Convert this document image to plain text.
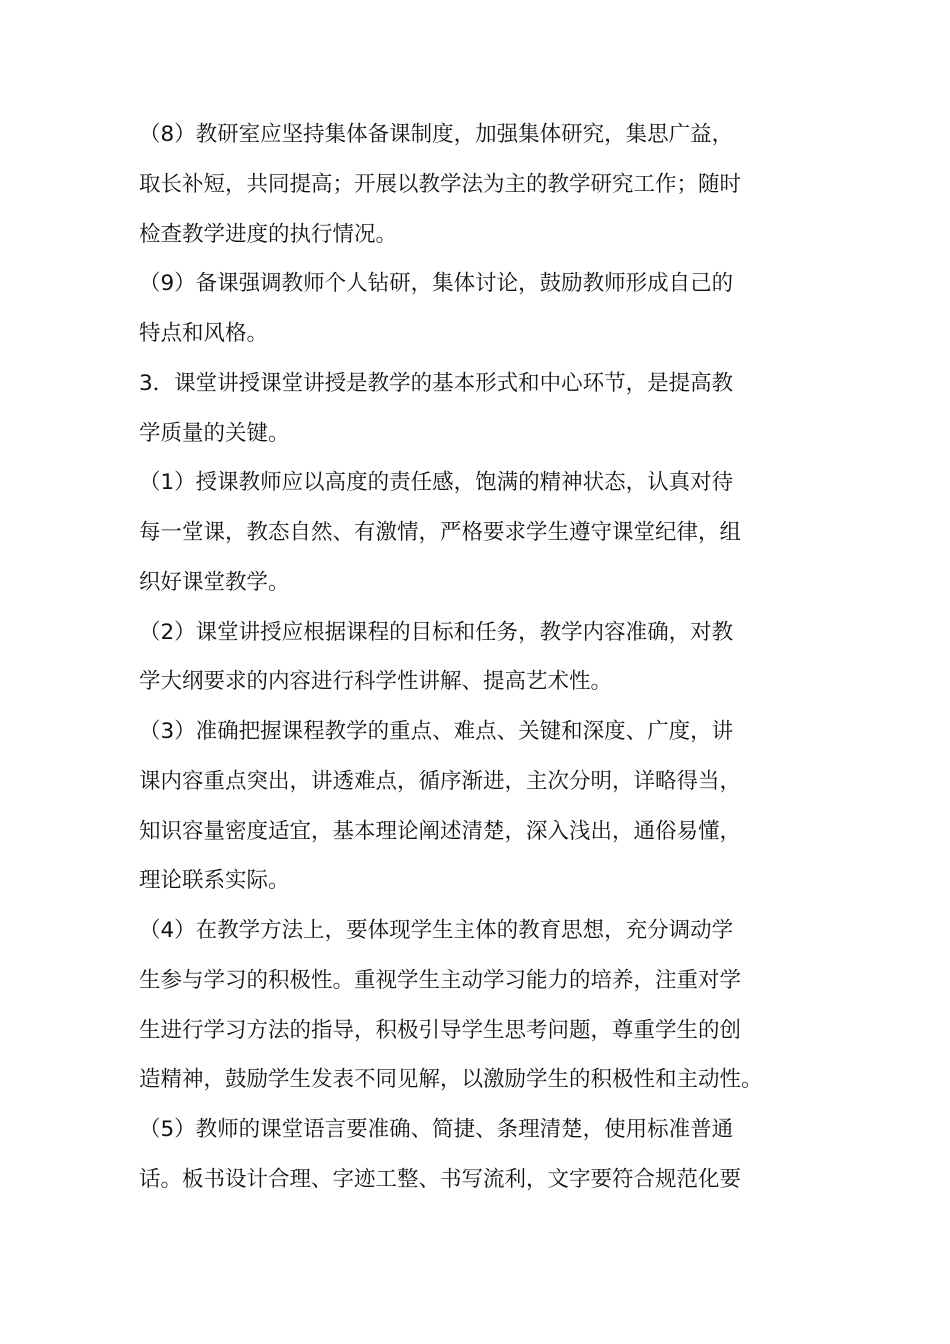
（8）教研室应坚持集体备课制度，加强集体研究，集思广益，
取长补短，共同提高；开展以教学法为主的教学研究工作；随时
检查教学进度的执行情况。
（9）备课强调教师个人钻研，集体讨论，鼓励教师形成自己的
特点和风格。
3．课堂讲授课堂讲授是教学的基本形式和中心环节，是提高教
学质量的关键。
（1）授课教师应以高度的责任感，饱满的精神状态，认真对待
每一堂课，教态自然、有激情，严格要求学生遵守课堂纪律，组
织好课堂教学。
（2）课堂讲授应根据课程的目标和任务，教学内容准确，对教
学大纲要求的内容进行科学性讲解、提高艺术性。
（3）准确把握课程教学的重点、难点、关键和深度、广度，讲
课内容重点突出，讲透难点，循序渐进，主次分明，详略得当，
知识容量密度适宜，基本理论阐述清楚，深入浅出，通俗易懂，
理论联系实际。
（4）在教学方法上，要体现学生主体的教育思想，充分调动学
生参与学习的积极性。重视学生主动学习能力的培养，注重对学
生进行学习方法的指导，积极引导学生思考问题，尊重学生的创
造精神，鼓励学生发表不同见解，以激励学生的积极性和主动性。
（5）教师的课堂语言要准确、简捷、条理清楚，使用标准普通
话。板书设计合理、字迹工整、书写流利，文字要符合规范化要
